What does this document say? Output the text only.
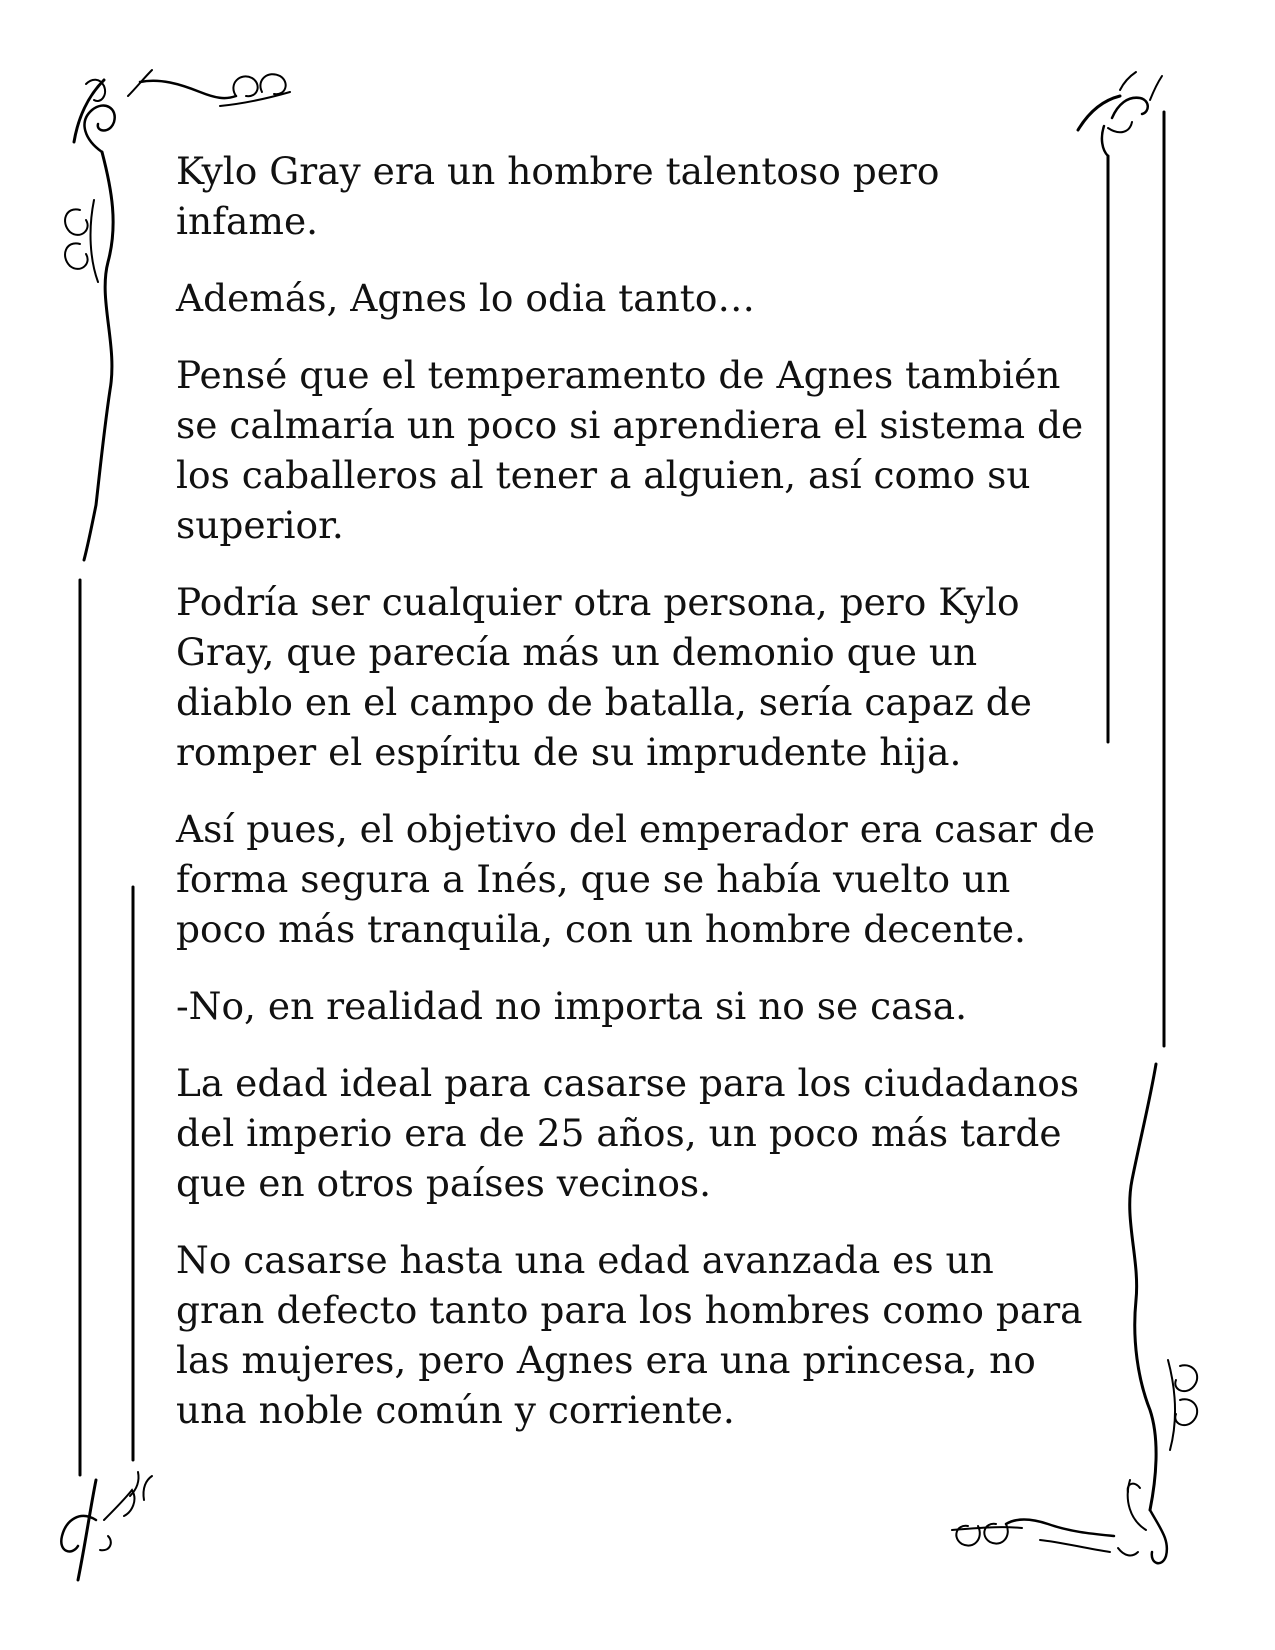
Kylo Gray era un hombre talentoso pero
infame.

Además, Agnes lo odia tanto…

Pensé que el temperamento de Agnes también
se calmaría un poco si aprendiera el sistema de
los caballeros al tener a alguien, así como su
superior.

Podría ser cualquier otra persona, pero Kylo
Gray, que parecía más un demonio que un
diablo en el campo de batalla, sería capaz de
romper el espíritu de su imprudente hija.

Así pues, el objetivo del emperador era casar de
forma segura a Inés, que se había vuelto un
poco más tranquila, con un hombre decente.

-No, en realidad no importa si no se casa.

La edad ideal para casarse para los ciudadanos
del imperio era de 25 años, un poco más tarde
que en otros países vecinos.

No casarse hasta una edad avanzada es un
gran defecto tanto para los hombres como para
las mujeres, pero Agnes era una princesa, no
una noble común y corriente.
